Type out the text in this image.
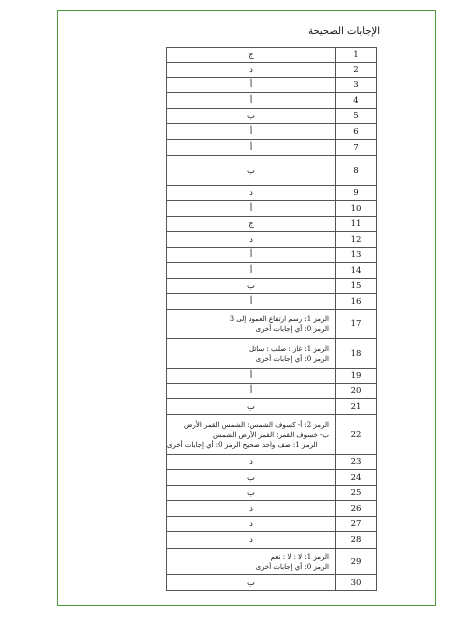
الإجابات الصحيحة
ج	1
د	2
أ	3
أ	4
ب	5
أ	6
أ	7
ب	8
د	9
أ	10
ج	11
د	12
أ	13
أ	14
ب	15
أ	16

الرمز 1: رسم ارتفاع العمود إلى 3
الرمز 0: أي إجابات أخرى	17

الرمز 1: غاز : صلب : سائل
الرمز 0: أي إجابات أخرى	18
أ	19
أ	20
ب	21

الرمز 2: أ- كسوف الشمس: الشمس القمر الأرض
ب- خسوف القمر: القمر الأرض الشمس
الرمز 1: صف واحد صحيح الرمز 0: أي إجابات أخرى	22
د	23
ب	24
ب	25
د	26
د	27
د	28

الرمز 1: لا : لا : نعم
الرمز 0: أي إجابات أخرى	29
ب	30
